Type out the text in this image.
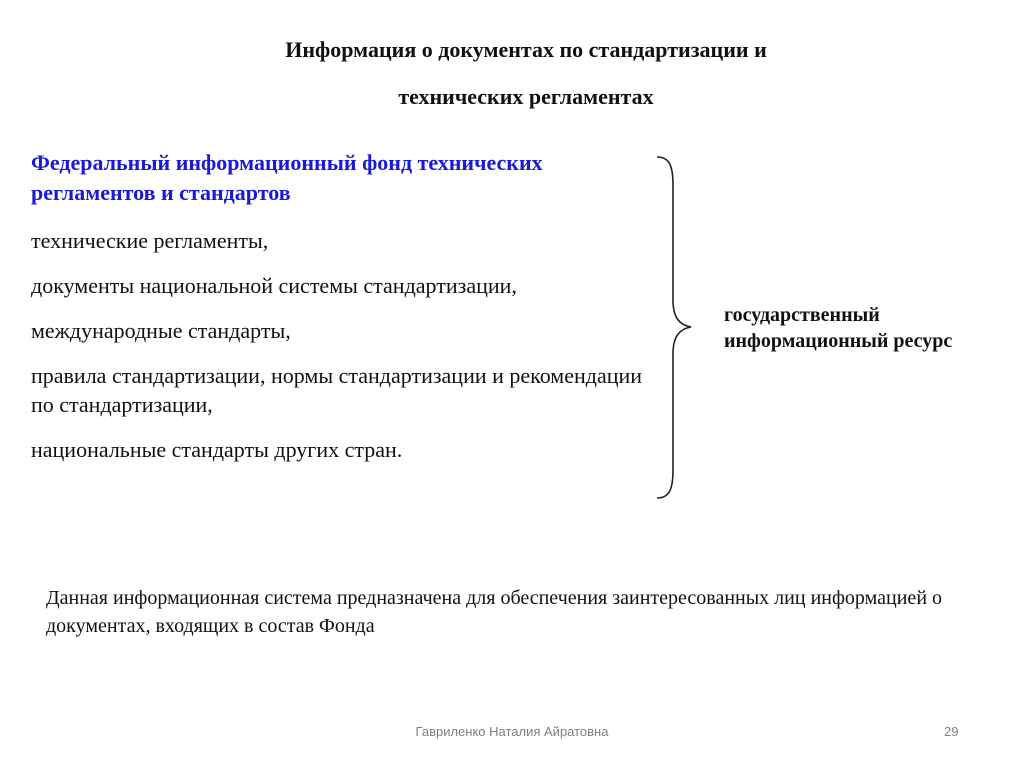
Информация о документах по стандартизации и
технических регламентах
Федеральный информационный фонд технических регламентов и стандартов
технические регламенты,
документы национальной системы стандартизации,
международные стандарты,
правила стандартизации, нормы стандартизации и рекомендации по стандартизации,
национальные стандарты других стран.
государственный информационный ресурс
Данная информационная система предназначена для обеспечения заинтересованных лиц информацией о документах, входящих в состав Фонда
Гавриленко Наталия Айратовна	29
